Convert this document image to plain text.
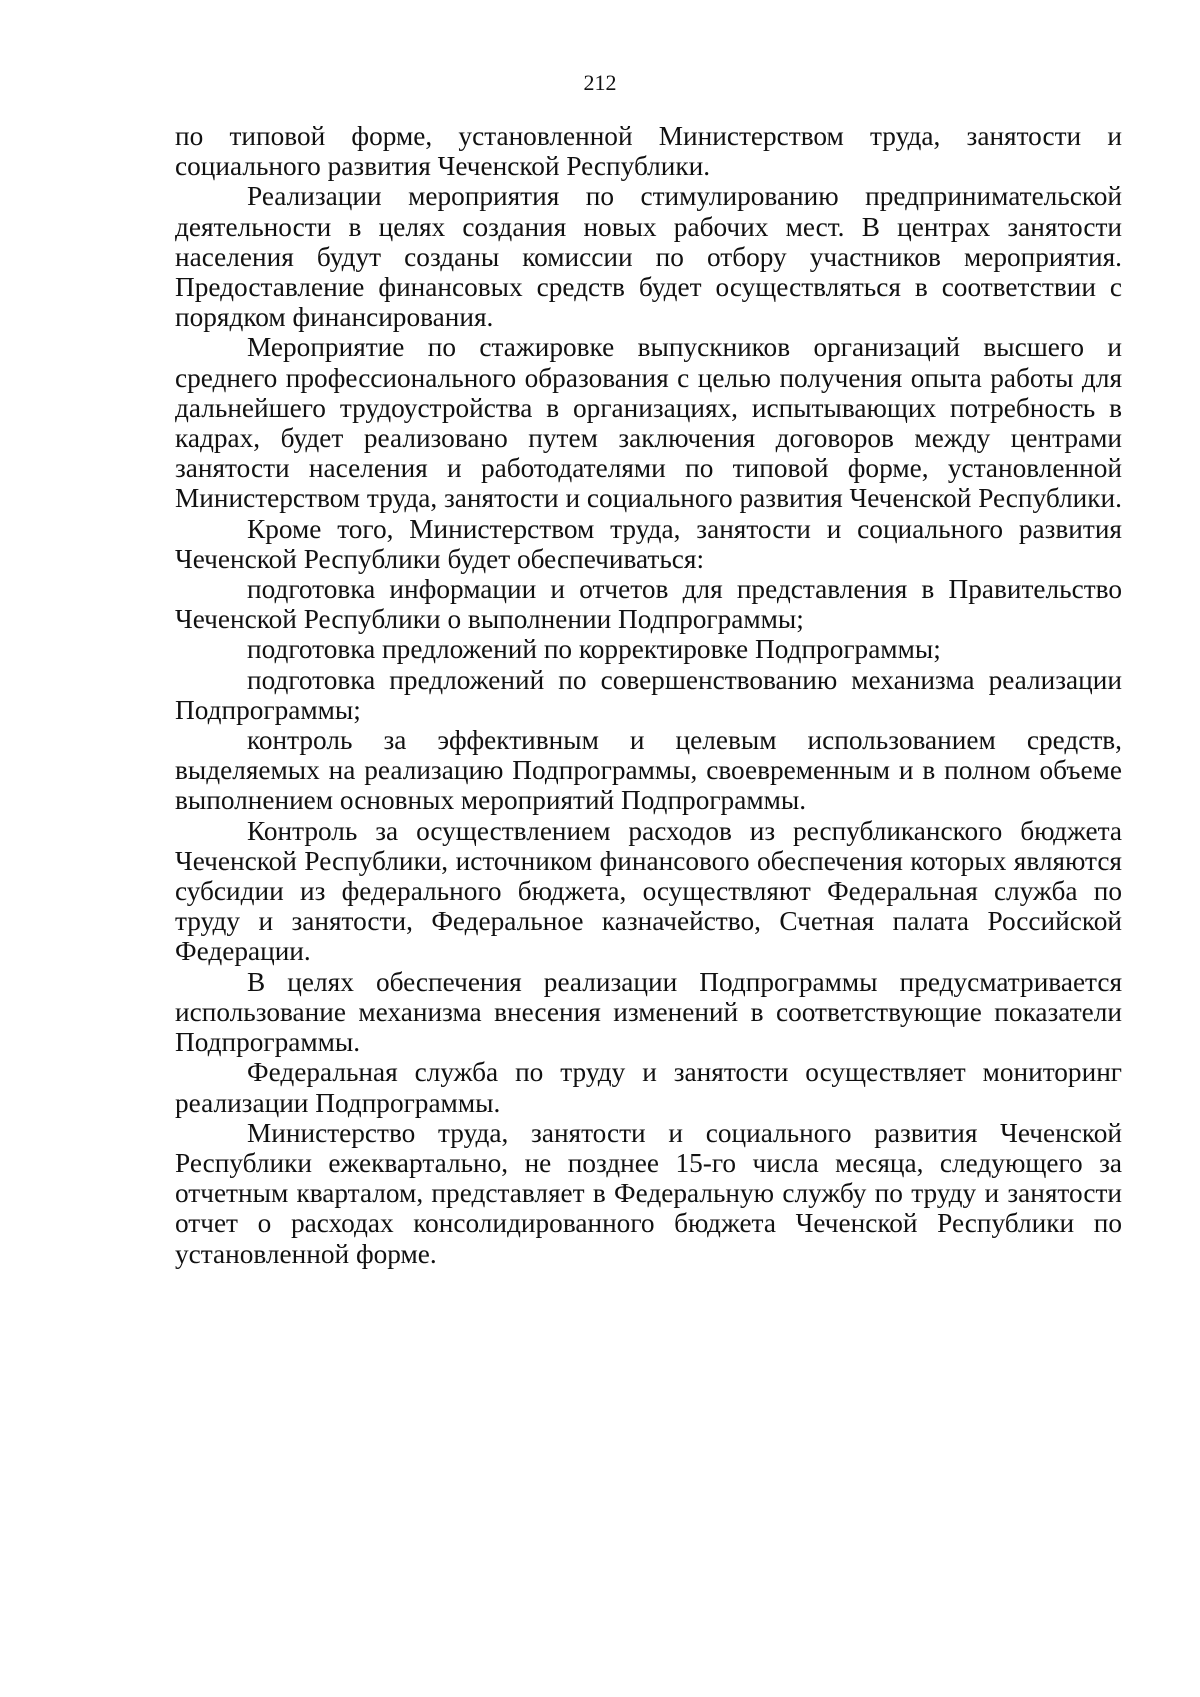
212

по типовой форме, установленной Министерством труда, занятости и социального развития Чеченской Республики.

Реализации мероприятия по стимулированию предпринимательской деятельности в целях создания новых рабочих мест. В центрах занятости населения будут созданы комиссии по отбору участников мероприятия. Предоставление финансовых средств будет осуществляться в соответствии с порядком финансирования.

Мероприятие по стажировке выпускников организаций высшего и среднего профессионального образования с целью получения опыта работы для дальнейшего трудоустройства в организациях, испытывающих потребность в кадрах, будет реализовано путем заключения договоров между центрами занятости населения и работодателями по типовой форме, установленной Министерством труда, занятости и социального развития Чеченской Республики.

Кроме того, Министерством труда, занятости и социального развития Чеченской Республики будет обеспечиваться:

подготовка информации и отчетов для представления в Правительство Чеченской Республики о выполнении Подпрограммы;

подготовка предложений по корректировке Подпрограммы;

подготовка предложений по совершенствованию механизма реализации Подпрограммы;

контроль за эффективным и целевым использованием средств, выделяемых на реализацию Подпрограммы, своевременным и в полном объеме выполнением основных мероприятий Подпрограммы.

Контроль за осуществлением расходов из республиканского бюджета Чеченской Республики, источником финансового обеспечения которых являются субсидии из федерального бюджета, осуществляют Федеральная служба по труду и занятости, Федеральное казначейство, Счетная палата Российской Федерации.

В целях обеспечения реализации Подпрограммы предусматривается использование механизма внесения изменений в соответствующие показатели Подпрограммы.

Федеральная служба по труду и занятости осуществляет мониторинг реализации Подпрограммы.

Министерство труда, занятости и социального развития Чеченской Республики ежеквартально, не позднее 15-го числа месяца, следующего за отчетным кварталом, представляет в Федеральную службу по труду и занятости отчет о расходах консолидированного бюджета Чеченской Республики по установленной форме.
